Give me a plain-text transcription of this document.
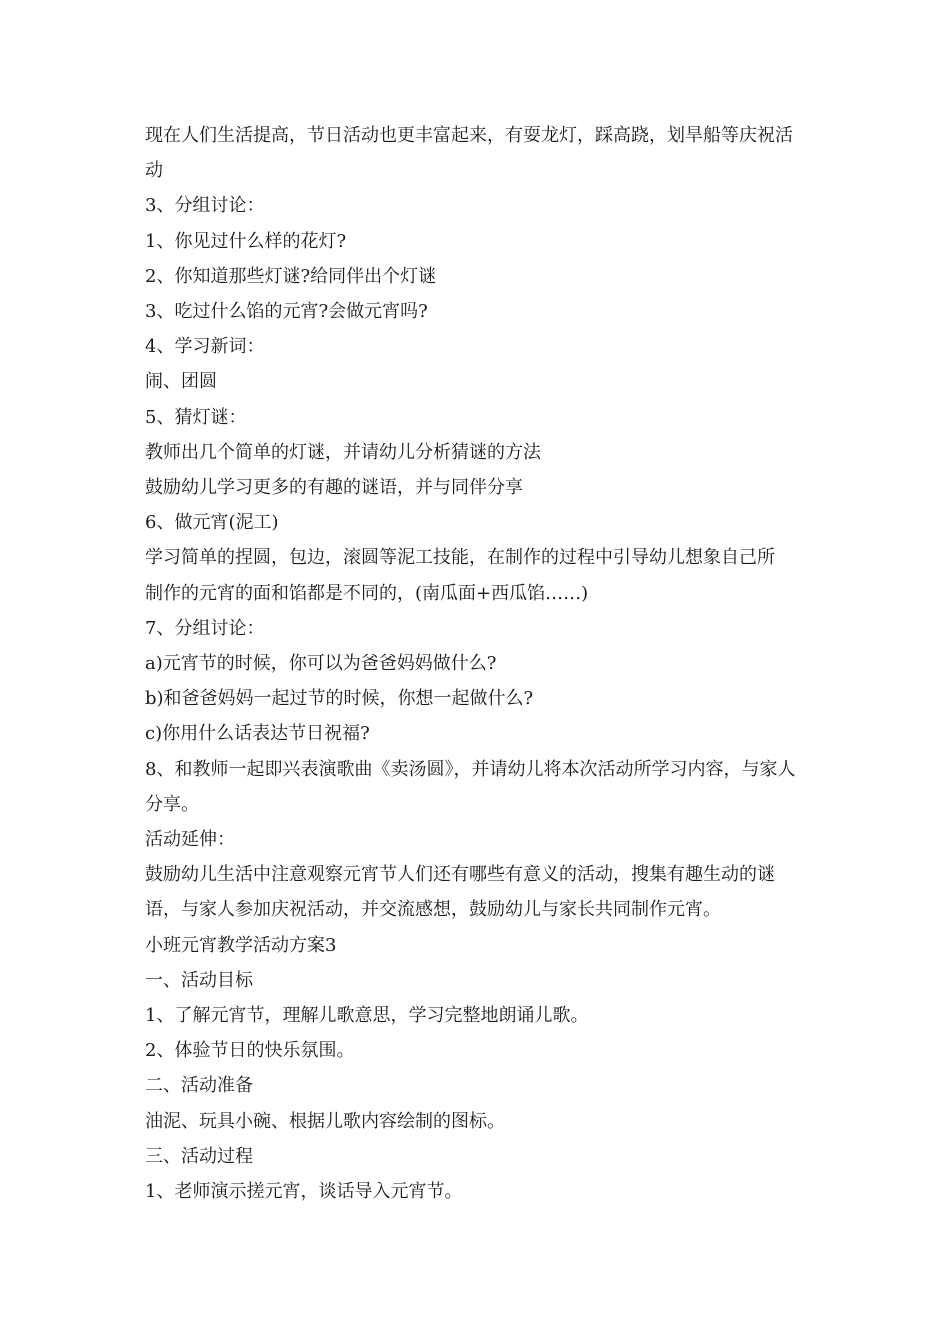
现在人们生活提高，节日活动也更丰富起来，有耍龙灯，踩高跷，划旱船等庆祝活

动

3、分组讨论：

1、你见过什么样的花灯?

2、你知道那些灯谜?给同伴出个灯谜

3、吃过什么馅的元宵?会做元宵吗?

4、学习新词：

闹、团圆

5、猜灯谜：

教师出几个简单的灯谜，并请幼儿分析猜谜的方法

鼓励幼儿学习更多的有趣的谜语，并与同伴分享

6、做元宵(泥工)

学习简单的捏圆，包边，滚圆等泥工技能，在制作的过程中引导幼儿想象自己所

制作的元宵的面和馅都是不同的，(南瓜面+西瓜馅……)

7、分组讨论：

a)元宵节的时候，你可以为爸爸妈妈做什么?

b)和爸爸妈妈一起过节的时候，你想一起做什么?

c)你用什么话表达节日祝福?

8、和教师一起即兴表演歌曲《卖汤圆》，并请幼儿将本次活动所学习内容，与家人

分享。

活动延伸：

鼓励幼儿生活中注意观察元宵节人们还有哪些有意义的活动，搜集有趣生动的谜

语，与家人参加庆祝活动，并交流感想，鼓励幼儿与家长共同制作元宵。

小班元宵教学活动方案3

一、活动目标

1、了解元宵节，理解儿歌意思，学习完整地朗诵儿歌。

2、体验节日的快乐氛围。

二、活动准备

油泥、玩具小碗、根据儿歌内容绘制的图标。

三、活动过程

1、老师演示搓元宵，谈话导入元宵节。
